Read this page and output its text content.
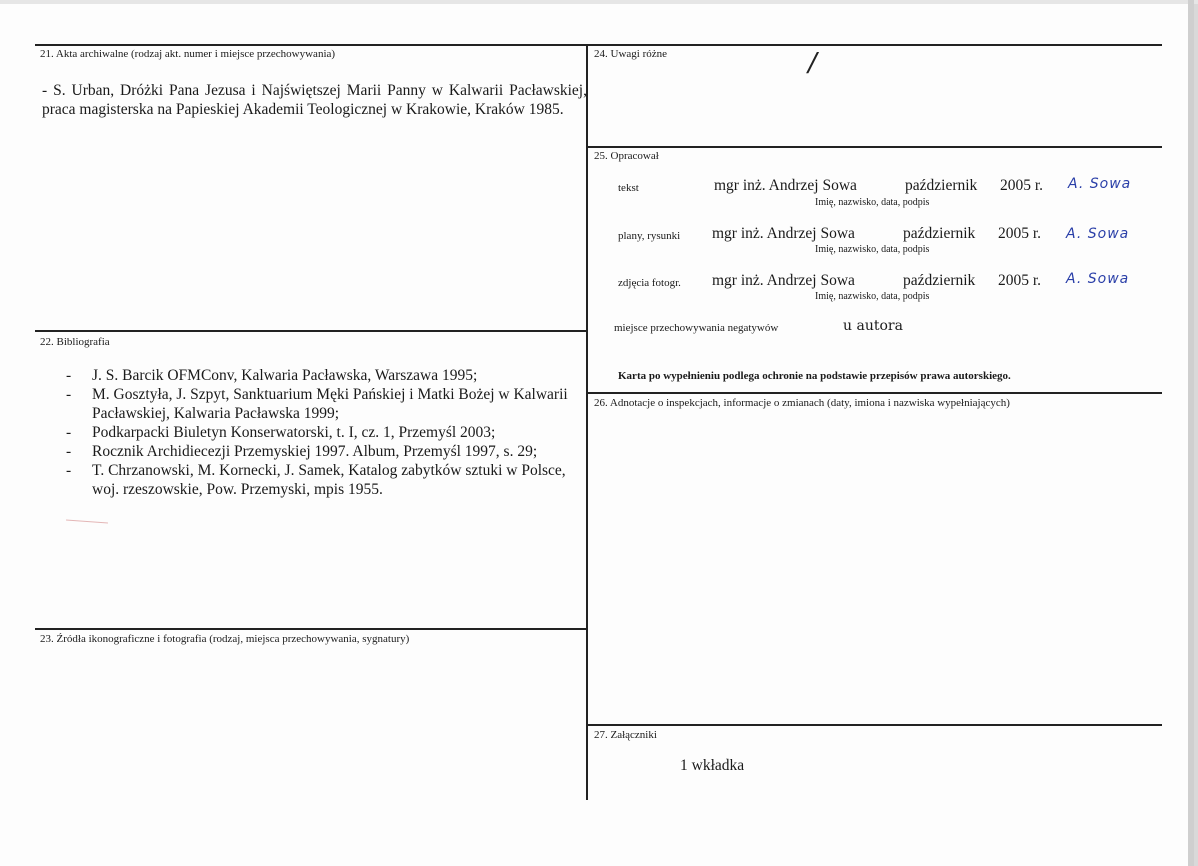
21. Akta archiwalne (rodzaj akt. numer i miejsce przechowywania)
- S. Urban, Dróżki Pana Jezusa i Najświętszej Marii Panny w Kalwarii Pacławskiej, praca magisterska na Papieskiej Akademii Teologicznej w Krakowie, Kraków 1985.
22. Bibliografia
- J. S. Barcik OFMConv, Kalwaria Pacławska, Warszawa 1995;
- M. Gosztyła, J. Szpyt, Sanktuarium Męki Pańskiej i Matki Bożej w Kalwarii Pacławskiej, Kalwaria Pacławska 1999;
- Podkarpacki Biuletyn Konserwatorski, t. I, cz. 1, Przemyśl 2003;
- Rocznik Archidiecezji Przemyskiej 1997. Album, Przemyśl 1997, s. 29;
- T. Chrzanowski, M. Kornecki, J. Samek, Katalog zabytków sztuki w Polsce, woj. rzeszowskie, Pow. Przemyski, mpis 1955.
23. Źródła ikonograficzne i fotografia (rodzaj, miejsca przechowywania, sygnatury)
24. Uwagi różne	/
25. Opracował
tekst	mgr inż. Andrzej Sowa	październik 2005 r. A. Sowa
Imię, nazwisko, data, podpis
plany, rysunki mgr inż. Andrzej Sowa	październik 2005 r. A. Sowa
Imię, nazwisko, data, podpis
zdjęcia fotogr. mgr inż. Andrzej Sowa	październik 2005 r. A. Sowa
Imię, nazwisko, data, podpis
miejsce przechowywania negatywów	u autora
Karta po wypełnieniu podlega ochronie na podstawie przepisów prawa autorskiego.
26. Adnotacje o inspekcjach, informacje o zmianach (daty, imiona i nazwiska wypełniających)
27. Załączniki
1 wkładka
